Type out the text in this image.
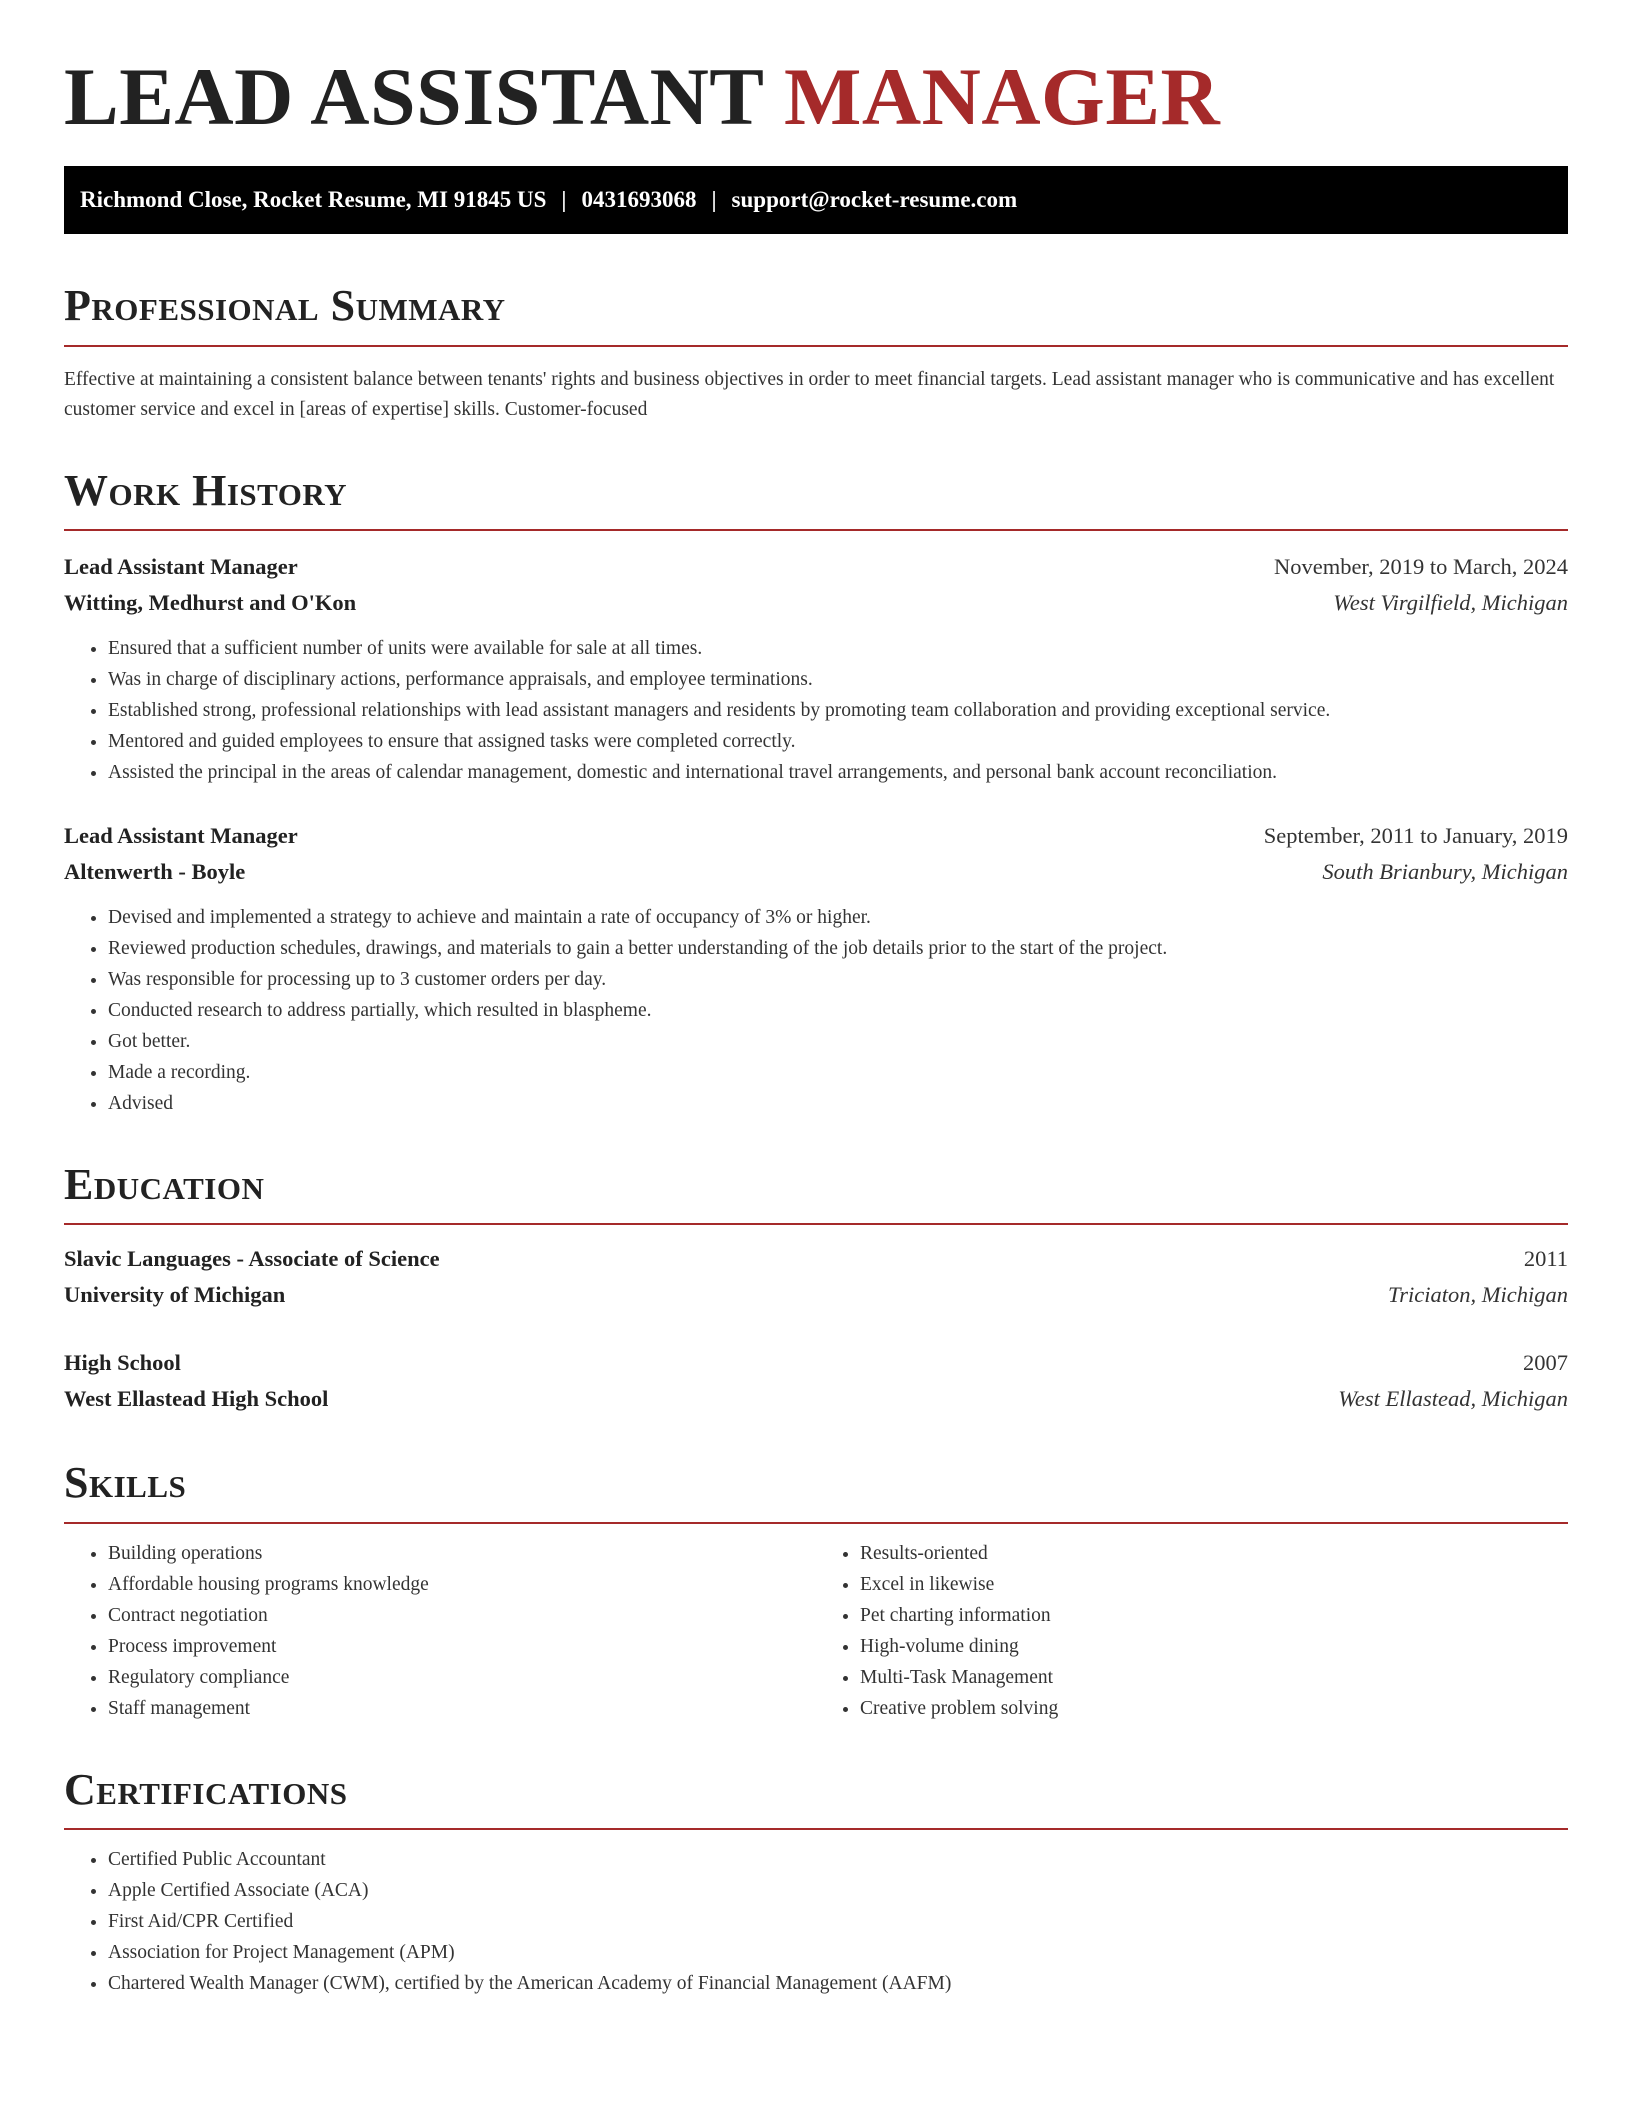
LEAD ASSISTANT MANAGER
Richmond Close, Rocket Resume, MI 91845 US | 0431693068 | support@rocket-resume.com
Professional Summary
Effective at maintaining a consistent balance between tenants' rights and business objectives in order to meet financial targets. Lead assistant manager who is communicative and has excellent customer service and excel in [areas of expertise] skills. Customer-focused
Work History
Lead Assistant Manager	November, 2019 to March, 2024
Witting, Medhurst and O'Kon	West Virgilfield, Michigan
• Ensured that a sufficient number of units were available for sale at all times.
• Was in charge of disciplinary actions, performance appraisals, and employee terminations.
• Established strong, professional relationships with lead assistant managers and residents by promoting team collaboration and providing exceptional service.
• Mentored and guided employees to ensure that assigned tasks were completed correctly.
• Assisted the principal in the areas of calendar management, domestic and international travel arrangements, and personal bank account reconciliation.
Lead Assistant Manager	September, 2011 to January, 2019
Altenwerth - Boyle	South Brianbury, Michigan
• Devised and implemented a strategy to achieve and maintain a rate of occupancy of 3% or higher.
• Reviewed production schedules, drawings, and materials to gain a better understanding of the job details prior to the start of the project.
• Was responsible for processing up to 3 customer orders per day.
• Conducted research to address partially, which resulted in blaspheme.
• Got better.
• Made a recording.
• Advised
Education
Slavic Languages - Associate of Science	2011
University of Michigan	Triciaton, Michigan
High School	2007
West Ellastead High School	West Ellastead, Michigan
Skills
• Building operations
• Affordable housing programs knowledge
• Contract negotiation
• Process improvement
• Regulatory compliance
• Staff management
• Results-oriented
• Excel in likewise
• Pet charting information
• High-volume dining
• Multi-Task Management
• Creative problem solving
Certifications
• Certified Public Accountant
• Apple Certified Associate (ACA)
• First Aid/CPR Certified
• Association for Project Management (APM)
• Chartered Wealth Manager (CWM), certified by the American Academy of Financial Management (AAFM)
